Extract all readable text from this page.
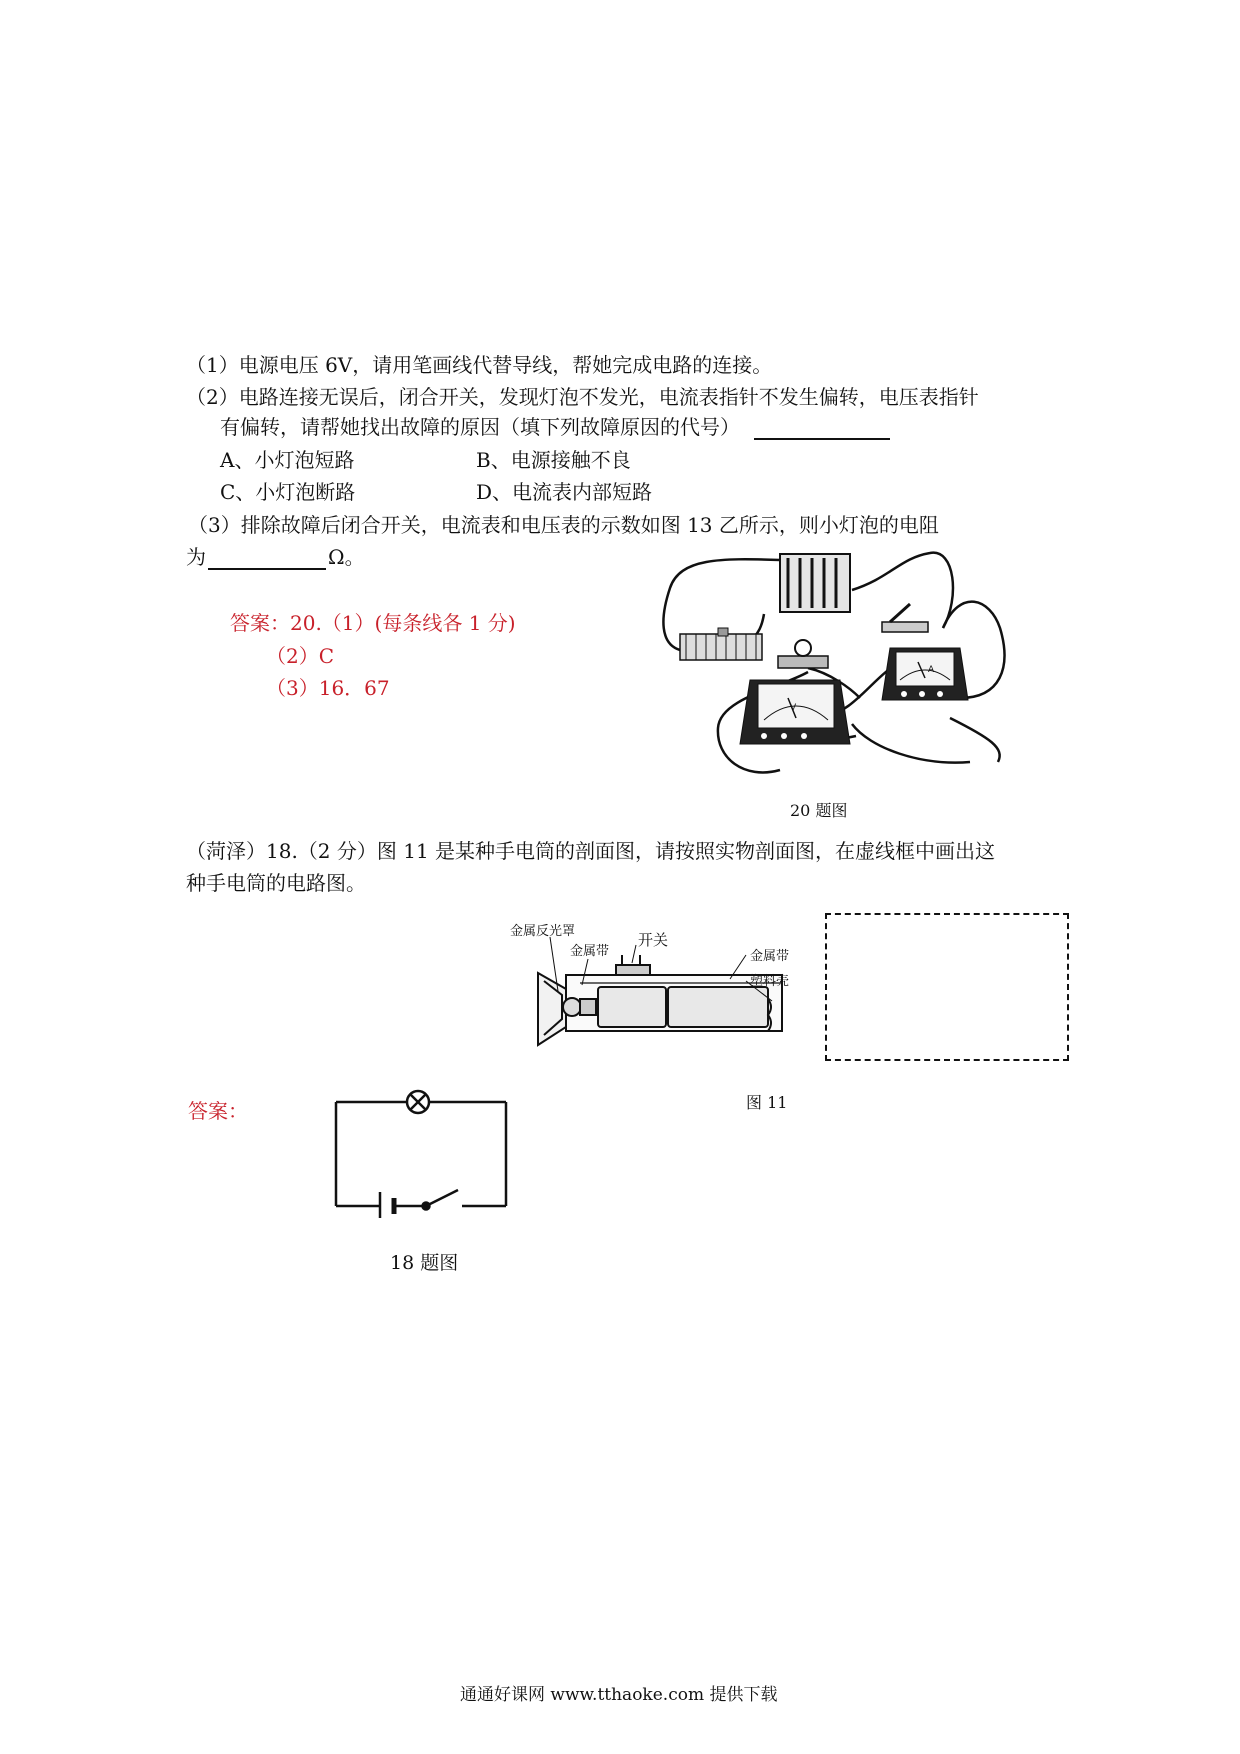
（1）电源电压 6V，请用笔画线代替导线，帮她完成电路的连接。
（2）电路连接无误后，闭合开关，发现灯泡不发光，电流表指针不发生偏转，电压表指针
有偏转，请帮她找出故障的原因（填下列故障原因的代号）
A、小灯泡短路	B、电源接触不良
C、小灯泡断路	D、电流表内部短路
（3）排除故障后闭合开关，电流表和电压表的示数如图 13 乙所示，则小灯泡的电阻
为	Ω。
答案：20.（1）(每条线各 1 分)
（2）C
（3）16．67
V
A
20 题图
（菏泽）18.（2 分）图 11 是某种手电筒的剖面图，请按照实物剖面图，在虚线框中画出这
种手电筒的电路图。
金属反光罩
金属带
开关
金属带
塑料壳
图 11
答案：
18 题图
通通好课网 www.tthaoke.com 提供下载
